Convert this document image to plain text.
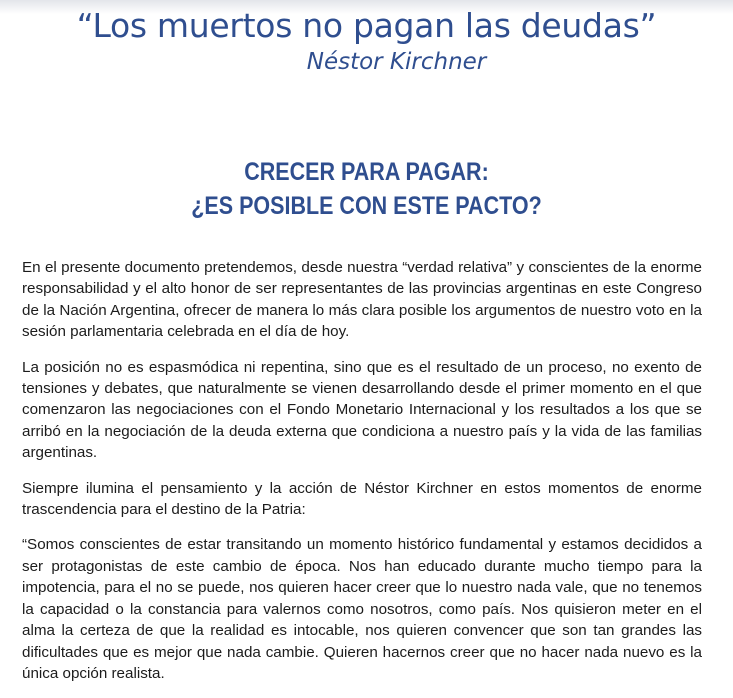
“Los muertos no pagan las deudas”
Néstor Kirchner
CRECER PARA PAGAR:
¿ES POSIBLE CON ESTE PACTO?

En el presente documento pretendemos, desde nuestra “verdad relativa” y conscientes de la enorme responsabilidad y el alto honor de ser representantes de las provincias argentinas en este Congreso de la Nación Argentina, ofrecer de manera lo más clara posible los argumentos de nuestro voto en la sesión parlamentaria celebrada en el día de hoy.

La posición no es espasmódica ni repentina, sino que es el resultado de un proceso, no exento de tensiones y debates, que naturalmente se vienen desarrollando desde el primer momento en el que comenzaron las negociaciones con el Fondo Monetario Internacional y los resultados a los que se arribó en la negociación de la deuda externa que condiciona a nuestro país y la vida de las familias argentinas.

Siempre ilumina el pensamiento y la acción de Néstor Kirchner en estos momentos de enorme trascendencia para el destino de la Patria:

“Somos conscientes de estar transitando un momento histórico fundamental y estamos decididos a ser protagonistas de este cambio de época. Nos han educado durante mucho tiempo para la impotencia, para el no se puede, nos quieren hacer creer que lo nuestro nada vale, que no tenemos la capacidad o la constancia para valernos como nosotros, como país. Nos quisieron meter en el alma la certeza de que la realidad es intocable, nos quieren convencer que son tan grandes las dificultades que es mejor que nada cambie. Quieren hacernos creer que no hacer nada nuevo es la única opción realista.
